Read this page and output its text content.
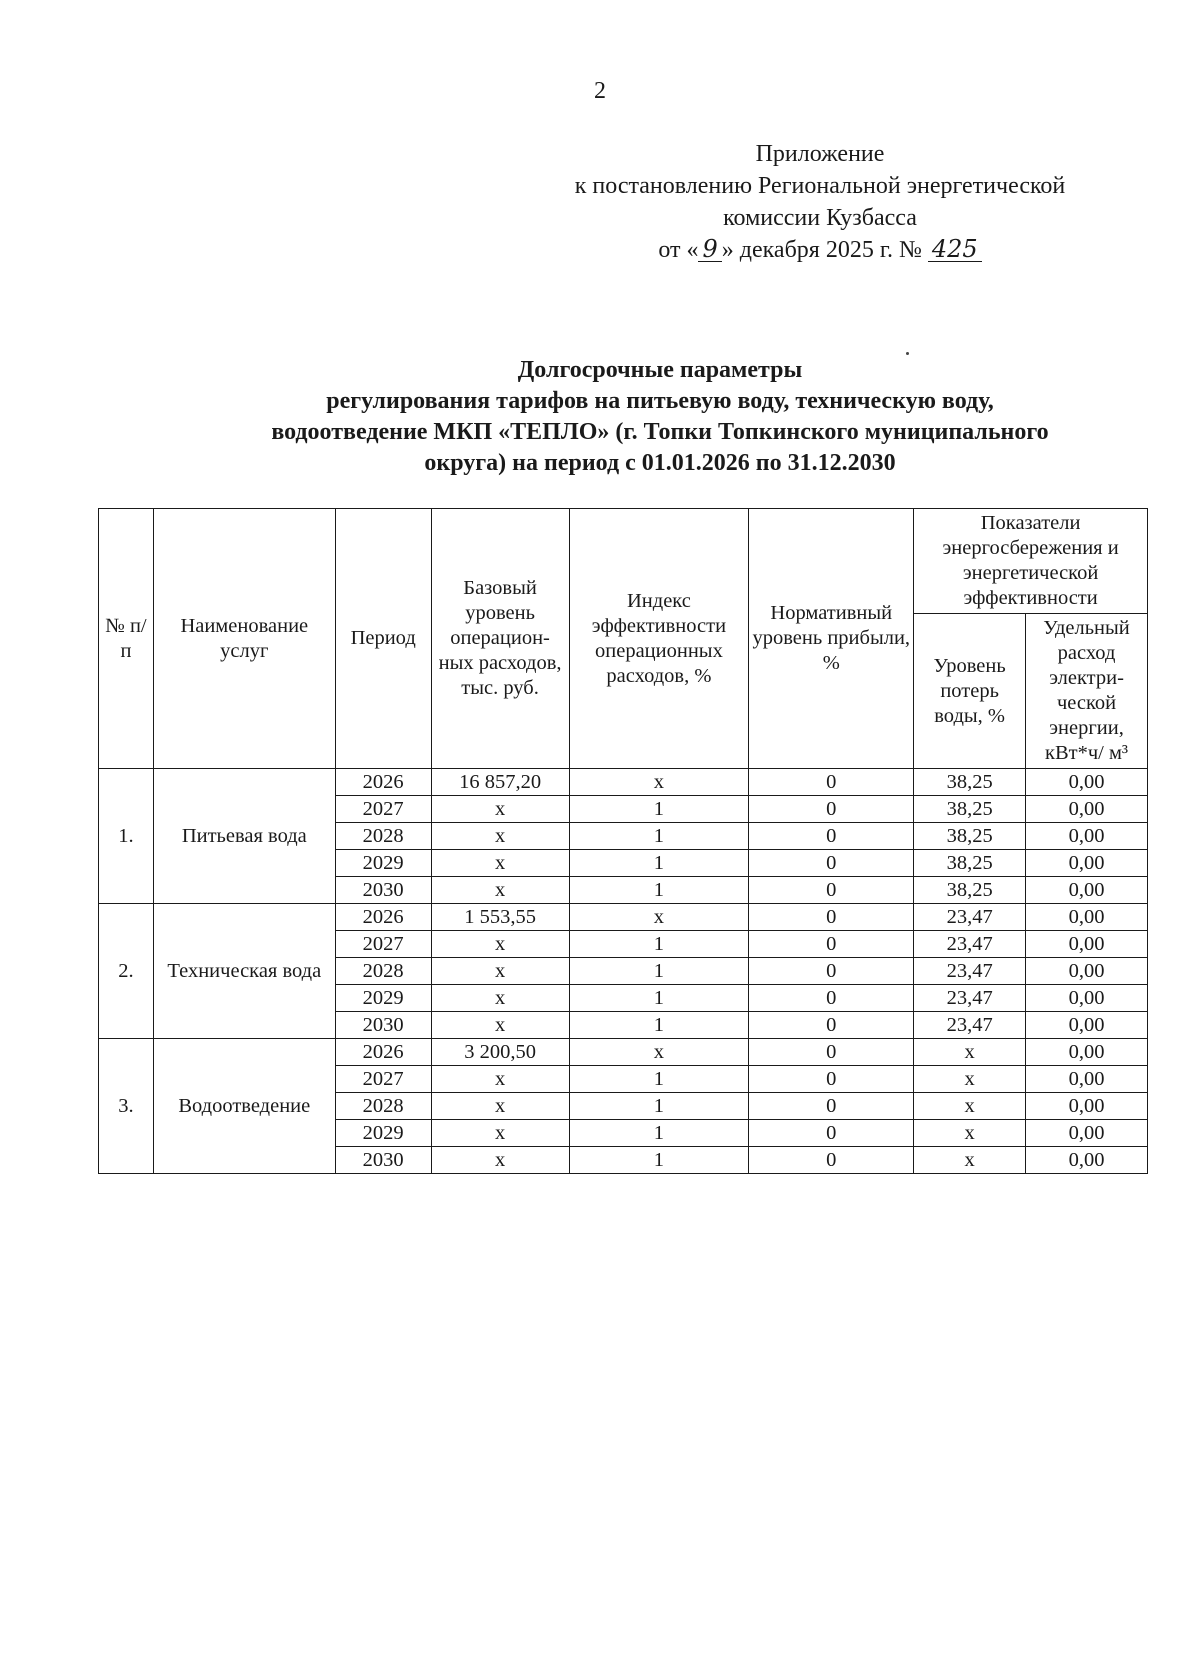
2
Приложение
к постановлению Региональной энергетической
комиссии Кузбасса
от « 9 » декабря 2025 г. № 425
Долгосрочные параметры
регулирования тарифов на питьевую воду, техническую воду,
водоотведение МКП «ТЕПЛО» (г. Топки Топкинского муниципального
округа) на период с 01.01.2026 по 31.12.2030
№ п/п	Наименование услуг	Период	Базовый уровень операцион-ных расходов, тыс. руб.	Индекс эффективности операционных расходов, %	Нормативный уровень прибыли, %	Показатели энергосбережения и энергетической эффективности	
						Уровень потерь воды, %	Удельный расход электри-ческой энергии, кВт*ч/ м³
1.	Питьевая вода	2026	16 857,20	х	0	38,25	0,00
		2027	х	1	0	38,25	0,00
		2028	х	1	0	38,25	0,00
		2029	х	1	0	38,25	0,00
		2030	х	1	0	38,25	0,00
2.	Техническая вода	2026	1 553,55	х	0	23,47	0,00
		2027	х	1	0	23,47	0,00
		2028	х	1	0	23,47	0,00
		2029	х	1	0	23,47	0,00
		2030	х	1	0	23,47	0,00
3.	Водоотведение	2026	3 200,50	х	0	х	0,00
		2027	х	1	0	х	0,00
		2028	х	1	0	х	0,00
		2029	х	1	0	х	0,00
		2030	х	1	0	х	0,00
